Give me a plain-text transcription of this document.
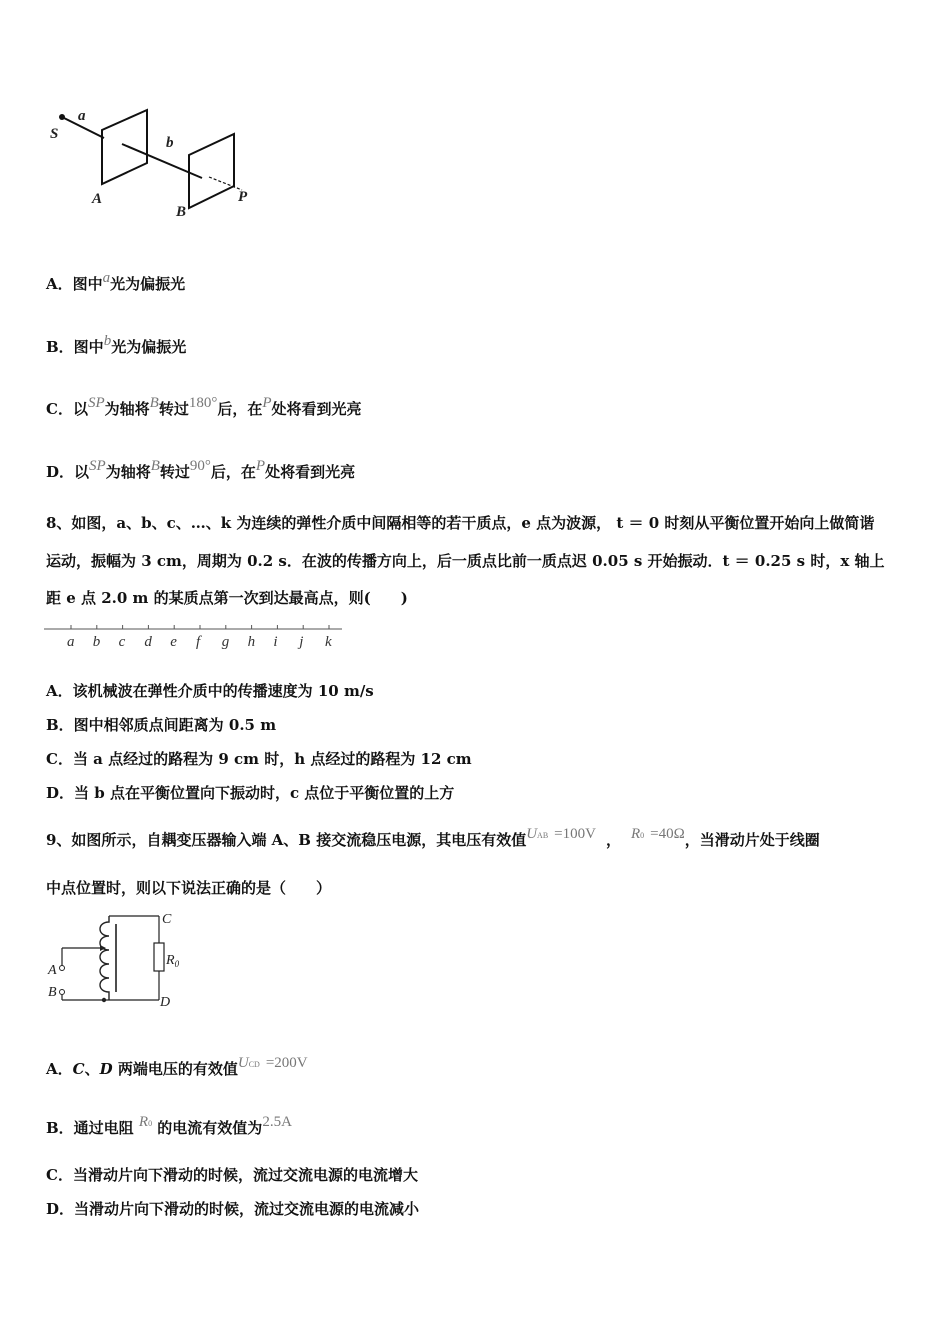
S
a
b
A
B
P
A．图中a光为偏振光
B．图中b光为偏振光
C．以SP为轴将B转过180°后，在P处将看到光亮
D．以SP为轴将B转过90°后，在P处将看到光亮
8、如图，a、b、c、…、k 为连续的弹性介质中间隔相等的若干质点，e 点为波源， t ＝ 0 时刻从平衡位置开始向上做简谐
运动，振幅为 3 cm，周期为 0.2 s．在波的传播方向上，后一质点比前一质点迟 0.05 s 开始振动．t ＝ 0.25 s 时，x 轴上
距 e 点 2.0 m 的某质点第一次到达最高点，则(　　)
a b c d e f g h i j k
A．该机械波在弹性介质中的传播速度为 10 m/s
B．图中相邻质点间距离为 0.5 m
C．当 a 点经过的路程为 9 cm 时，h 点经过的路程为 12 cm
D．当 b 点在平衡位置向下振动时，c 点位于平衡位置的上方
9、如图所示，自耦变压器输入端 A、B 接交流稳压电源，其电压有效值UAB =100V ， R0 =40Ω，当滑动片处于线圈
中点位置时，则以下说法正确的是（　　）
C
A
B
D
$R_0$
A．C、D 两端电压的有效值UCD =200V
B．通过电阻 R0 的电流有效值为2.5A
C．当滑动片向下滑动的时候，流过交流电源的电流增大
D．当滑动片向下滑动的时候，流过交流电源的电流减小
